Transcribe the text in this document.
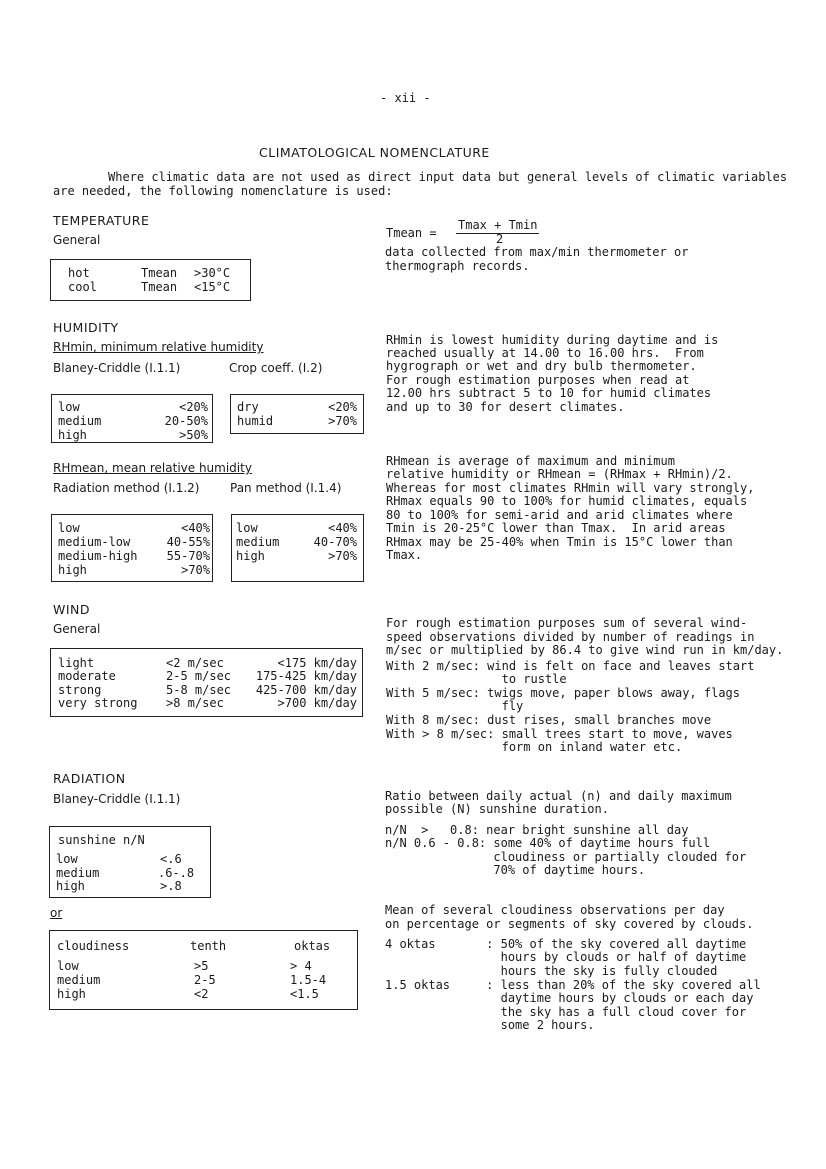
- xii -
CLIMATOLOGICAL NOMENCLATURE
Where climatic data are not used as direct input data but general levels of climatic variables
are needed, the following nomenclature is used:
TEMPERATURE
General
hot	Tmean >30°C
cool	Tmean <15°C
Tmean =
Tmax + Tmin
2
data collected from max/min thermometer or
thermograph records.
HUMIDITY
RHmin, minimum relative humidity
Blaney-Criddle (I.1.1)	Crop coeff. (I.2)
low	<20%
medium	20-50%
high	>50%
dry	<20%
humid	>70%
RHmin is lowest humidity during daytime and is
reached usually at 14.00 to 16.00 hrs.  From
hygrograph or wet and dry bulb thermometer.
For rough estimation purposes when read at
12.00 hrs subtract 5 to 10 for humid climates
and up to 30 for desert climates.
RHmean, mean relative humidity
Radiation method (I.1.2)	Pan method (I.1.4)
low	<40%
medium-low	40-55%
medium-high 55-70%
high	>70%
low	<40%
medium	40-70%
high	>70%
RHmean is average of maximum and minimum
relative humidity or RHmean = (RHmax + RHmin)/2.
Whereas for most climates RHmin will vary strongly,
RHmax equals 90 to 100% for humid climates, equals
80 to 100% for semi-arid and arid climates where
Tmin is 20-25°C lower than Tmax.  In arid areas
RHmax may be 25-40% when Tmin is 15°C lower than
Tmax.
WIND
General
light	<2 m/sec	<175 km/day
moderate	2-5 m/sec 175-425 km/day
strong	5-8 m/sec 425-700 km/day
very strong >8 m/sec	>700 km/day
For rough estimation purposes sum of several wind-
speed observations divided by number of readings in
m/sec or multiplied by 86.4 to give wind run in km/day.
With 2 m/sec: wind is felt on face and leaves start
to rustle
With 5 m/sec: twigs move, paper blows away, flags
fly
With 8 m/sec: dust rises, small branches move
With > 8 m/sec: small trees start to move, waves
form on inland water etc.
RADIATION
Blaney-Criddle (I.1.1)
sunshine n/N
low	<.6
medium	.6-.8
high	>.8
or
cloudiness	tenth	oktas
low	>5	> 4
medium	2-5	1.5-4
high	<2	<1.5
Ratio between daily actual (n) and daily maximum
possible (N) sunshine duration.
n/N  >   0.8: near bright sunshine all day
n/N 0.6 - 0.8: some 40% of daytime hours full
cloudiness or partially clouded for
70% of daytime hours.
Mean of several cloudiness observations per day
on percentage or segments of sky covered by clouds.
4 oktas       : 50% of the sky covered all daytime
hours by clouds or half of daytime
hours the sky is fully clouded
1.5 oktas     : less than 20% of the sky covered all
daytime hours by clouds or each day
the sky has a full cloud cover for
some 2 hours.
